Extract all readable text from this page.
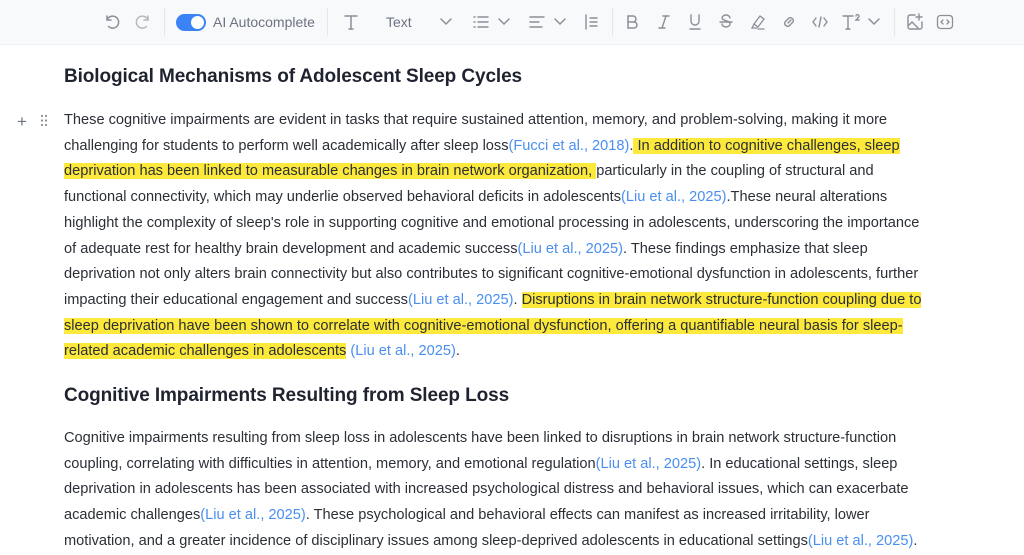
AI Autocomplete	Text
Biological Mechanisms of Adolescent Sleep Cycles
+	These cognitive impairments are evident in tasks that require sustained attention, memory, and problem-solving, making it more
challenging for students to perform well academically after sleep loss(Fucci et al., 2018). In addition to cognitive challenges, sleep
deprivation has been linked to measurable changes in brain network organization, particularly in the coupling of structural and
functional connectivity, which may underlie observed behavioral deficits in adolescents(Liu et al., 2025).These neural alterations
highlight the complexity of sleep's role in supporting cognitive and emotional processing in adolescents, underscoring the importance
of adequate rest for healthy brain development and academic success(Liu et al., 2025). These findings emphasize that sleep
deprivation not only alters brain connectivity but also contributes to significant cognitive-emotional dysfunction in adolescents, further
impacting their educational engagement and success(Liu et al., 2025). Disruptions in brain network structure-function coupling due to
sleep deprivation have been shown to correlate with cognitive-emotional dysfunction, offering a quantifiable neural basis for sleep-
related academic challenges in adolescents (Liu et al., 2025).

Cognitive Impairments Resulting from Sleep Loss

Cognitive impairments resulting from sleep loss in adolescents have been linked to disruptions in brain network structure-function
coupling, correlating with difficulties in attention, memory, and emotional regulation(Liu et al., 2025). In educational settings, sleep
deprivation in adolescents has been associated with increased psychological distress and behavioral issues, which can exacerbate
academic challenges(Liu et al., 2025). These psychological and behavioral effects can manifest as increased irritability, lower
motivation, and a greater incidence of disciplinary issues among sleep-deprived adolescents in educational settings(Liu et al., 2025).
